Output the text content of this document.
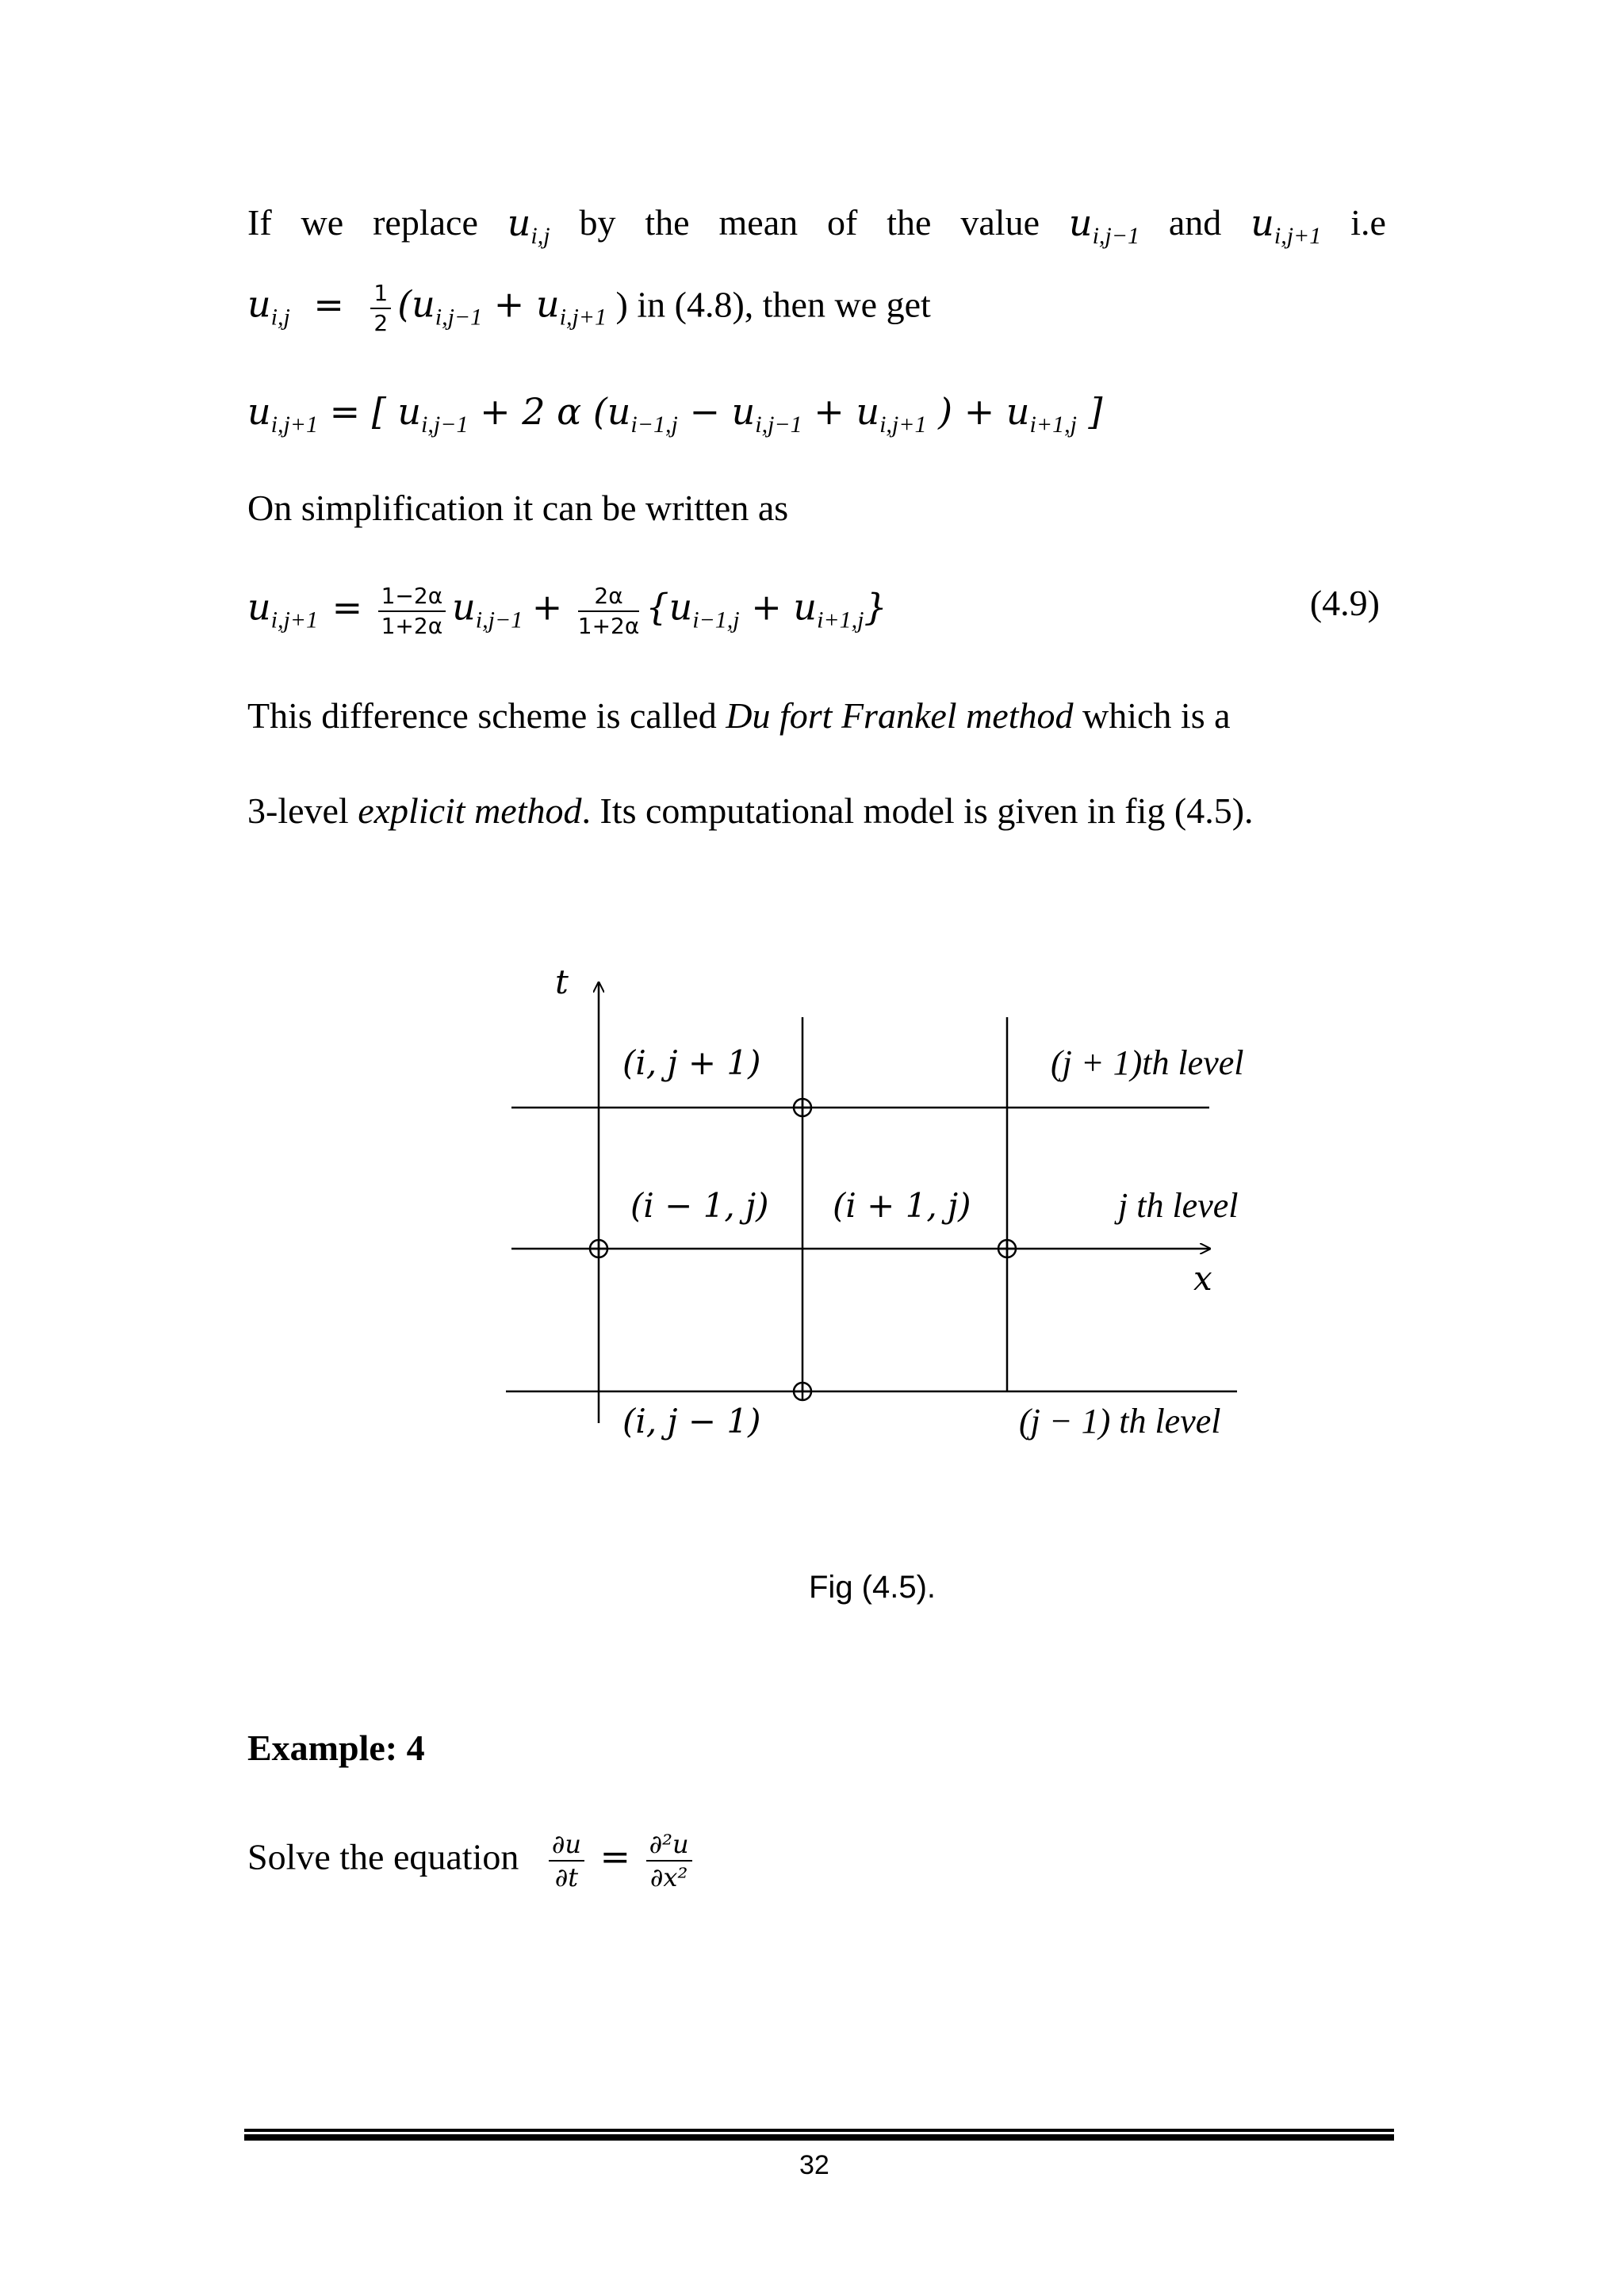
If we replace $u_{i,j}$ by the mean of the value $u_{i,j-1}$ and $u_{i,j+1}$ i.e
$u_{i,j} = \frac{1}{2} (u_{i,j-1} + u_{i,j+1}$ ) in (4.8), then we get
$u_{i,j+1}$ = [ $u_{i,j-1} + 2$ α ($u_{i-1,j} - u_{i,j-1} + u_{i,j+1}$ ) + $u_{i+1,j}$ ]
On simplification it can be written as
$u_{i,j+1} = \frac{1-2\alpha}{1+2\alpha} u_{i,j-1} + \frac{2\alpha}{1+2\alpha} \{u_{i-1,j} + u_{i+1,j}\}$	(4.9)
This difference scheme is called Du fort Frankel method which is a
3-level explicit method. Its computational model is given in fig (4.5).
t
x
(i, j + 1)
(i − 1, j) (i + 1, j)
(i, j − 1)
(j + 1)th level
j th level
(j − 1) th level
Fig (4.5).
Example: 4
Solve the equation $\frac{\partial u}{\partial t} = \frac{\text{∂²u}}{\text{∂x²}}$
32
